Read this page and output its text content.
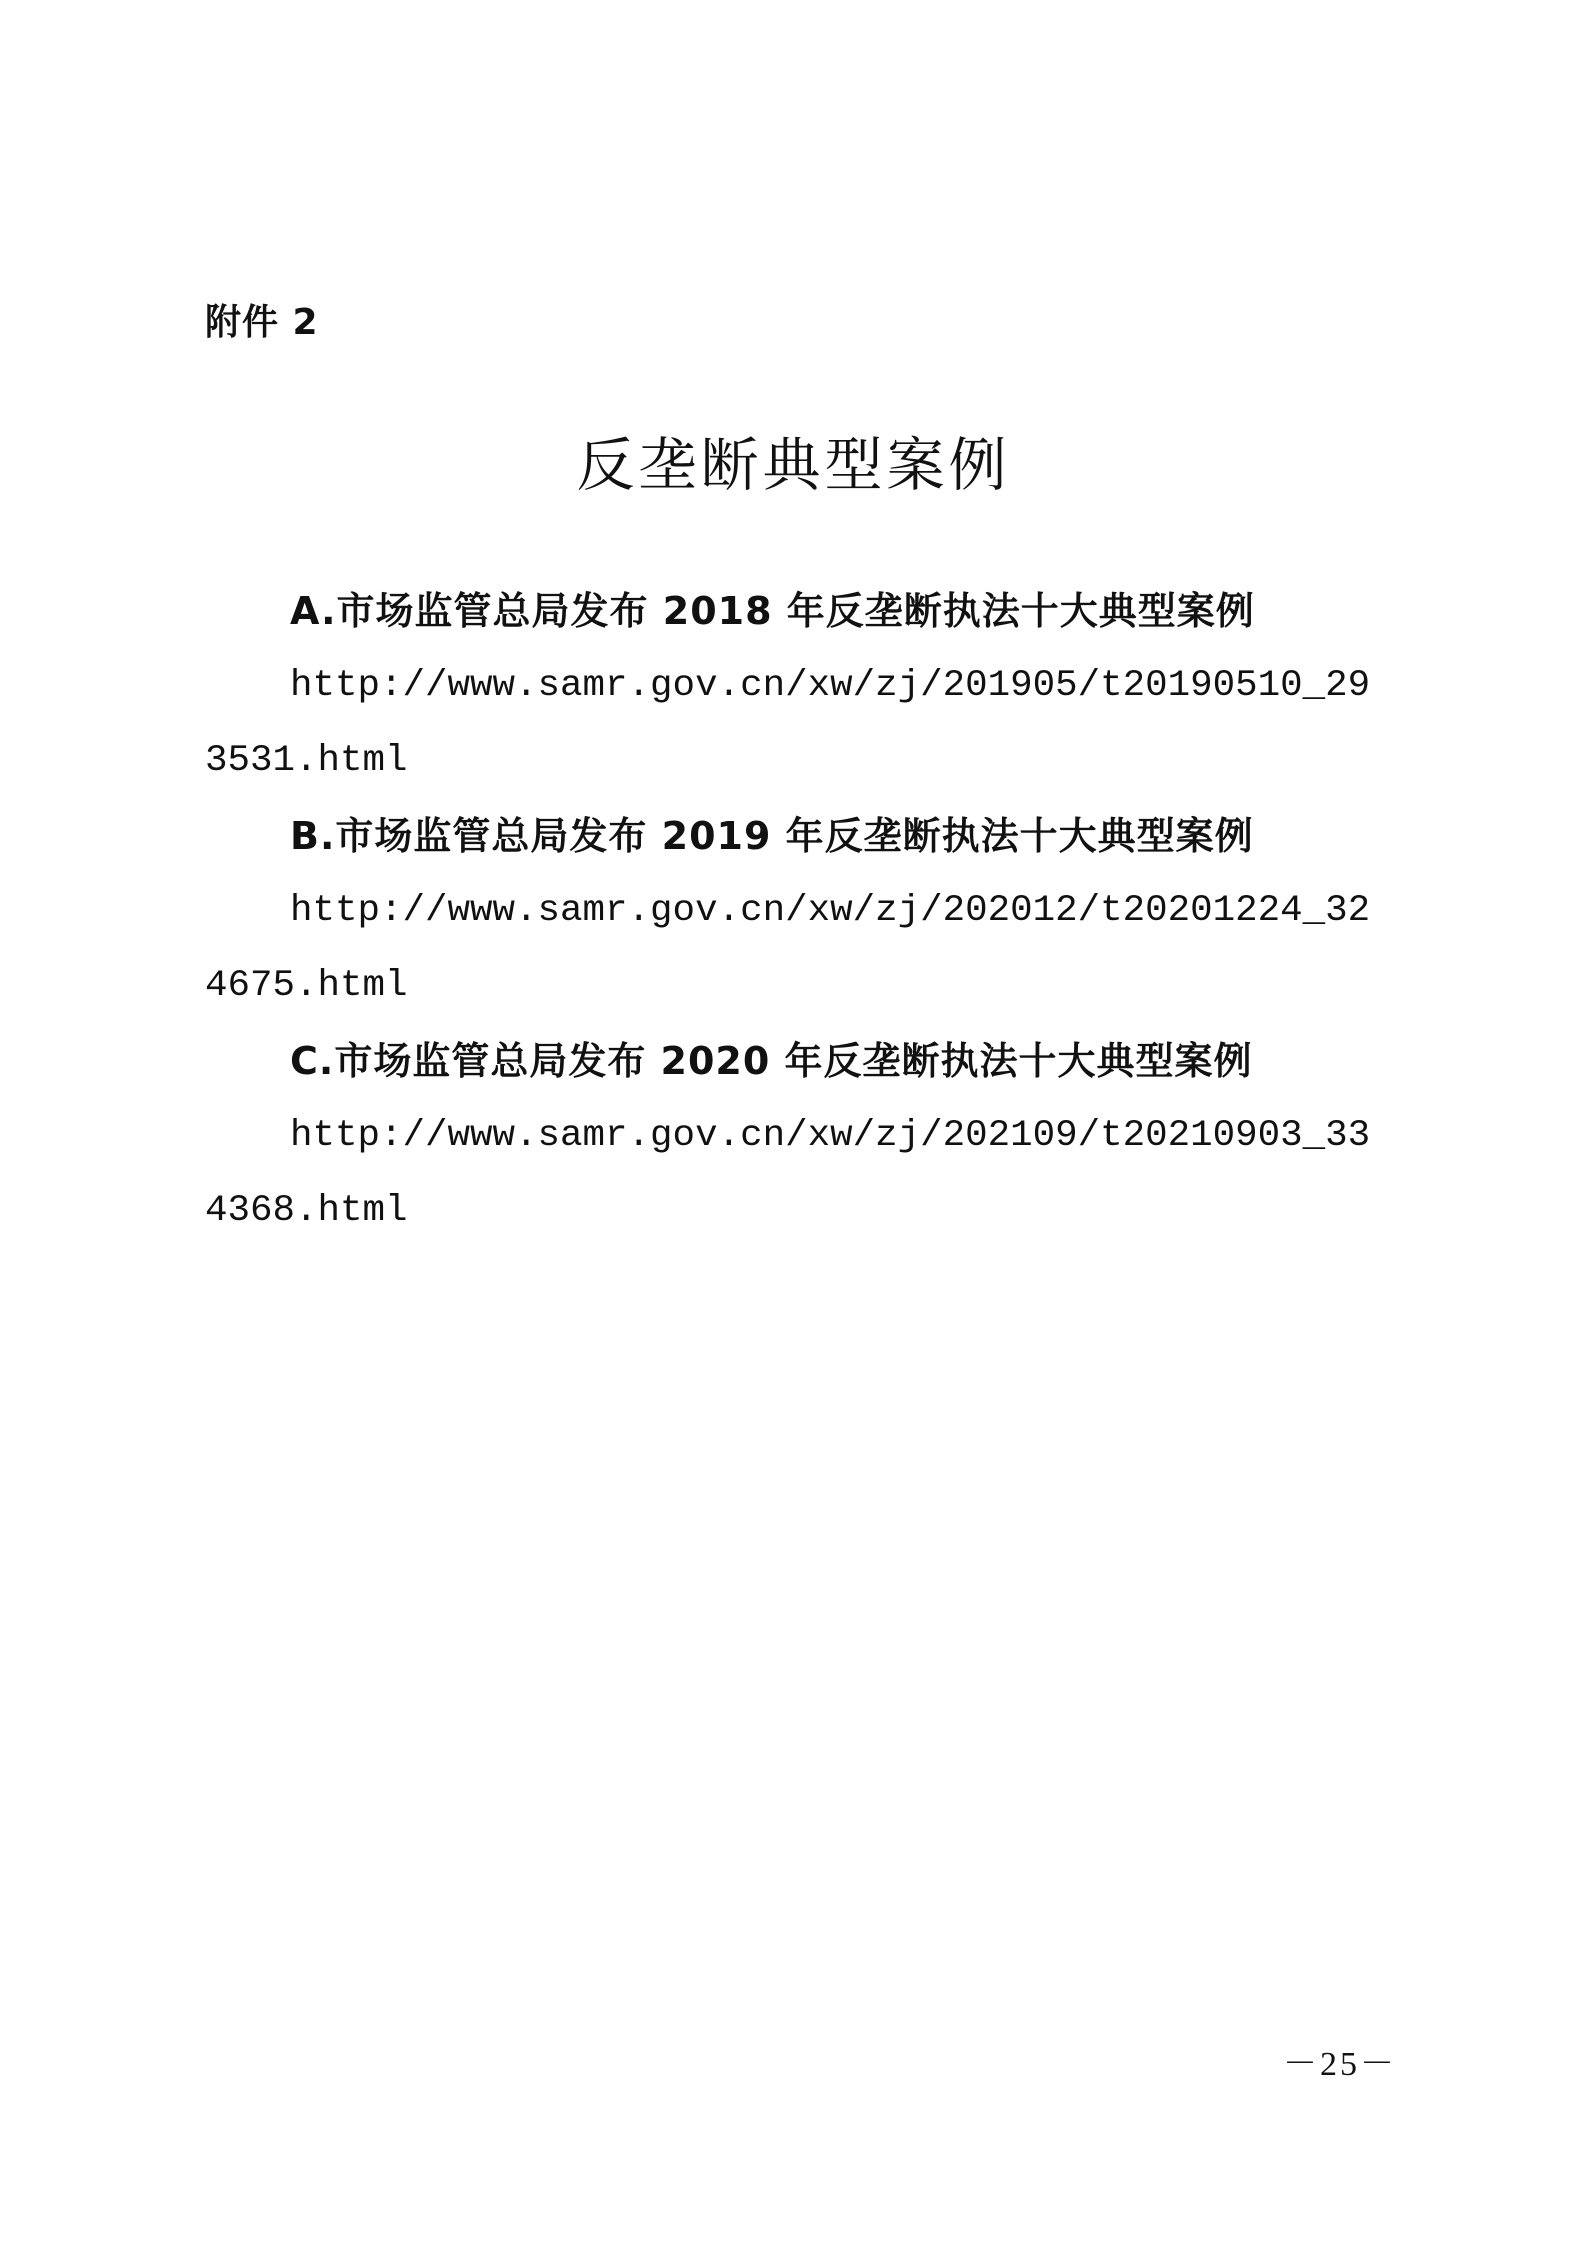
附件 2

反垄断典型案例
A.市场监管总局发布 2018 年反垄断执法十大典型案例
http://www.samr.gov.cn/xw/zj/201905/t20190510_293531.html
B.市场监管总局发布 2019 年反垄断执法十大典型案例
http://www.samr.gov.cn/xw/zj/202012/t20201224_324675.html
C.市场监管总局发布 2020 年反垄断执法十大典型案例
http://www.samr.gov.cn/xw/zj/202109/t20210903_334368.html

－25－
